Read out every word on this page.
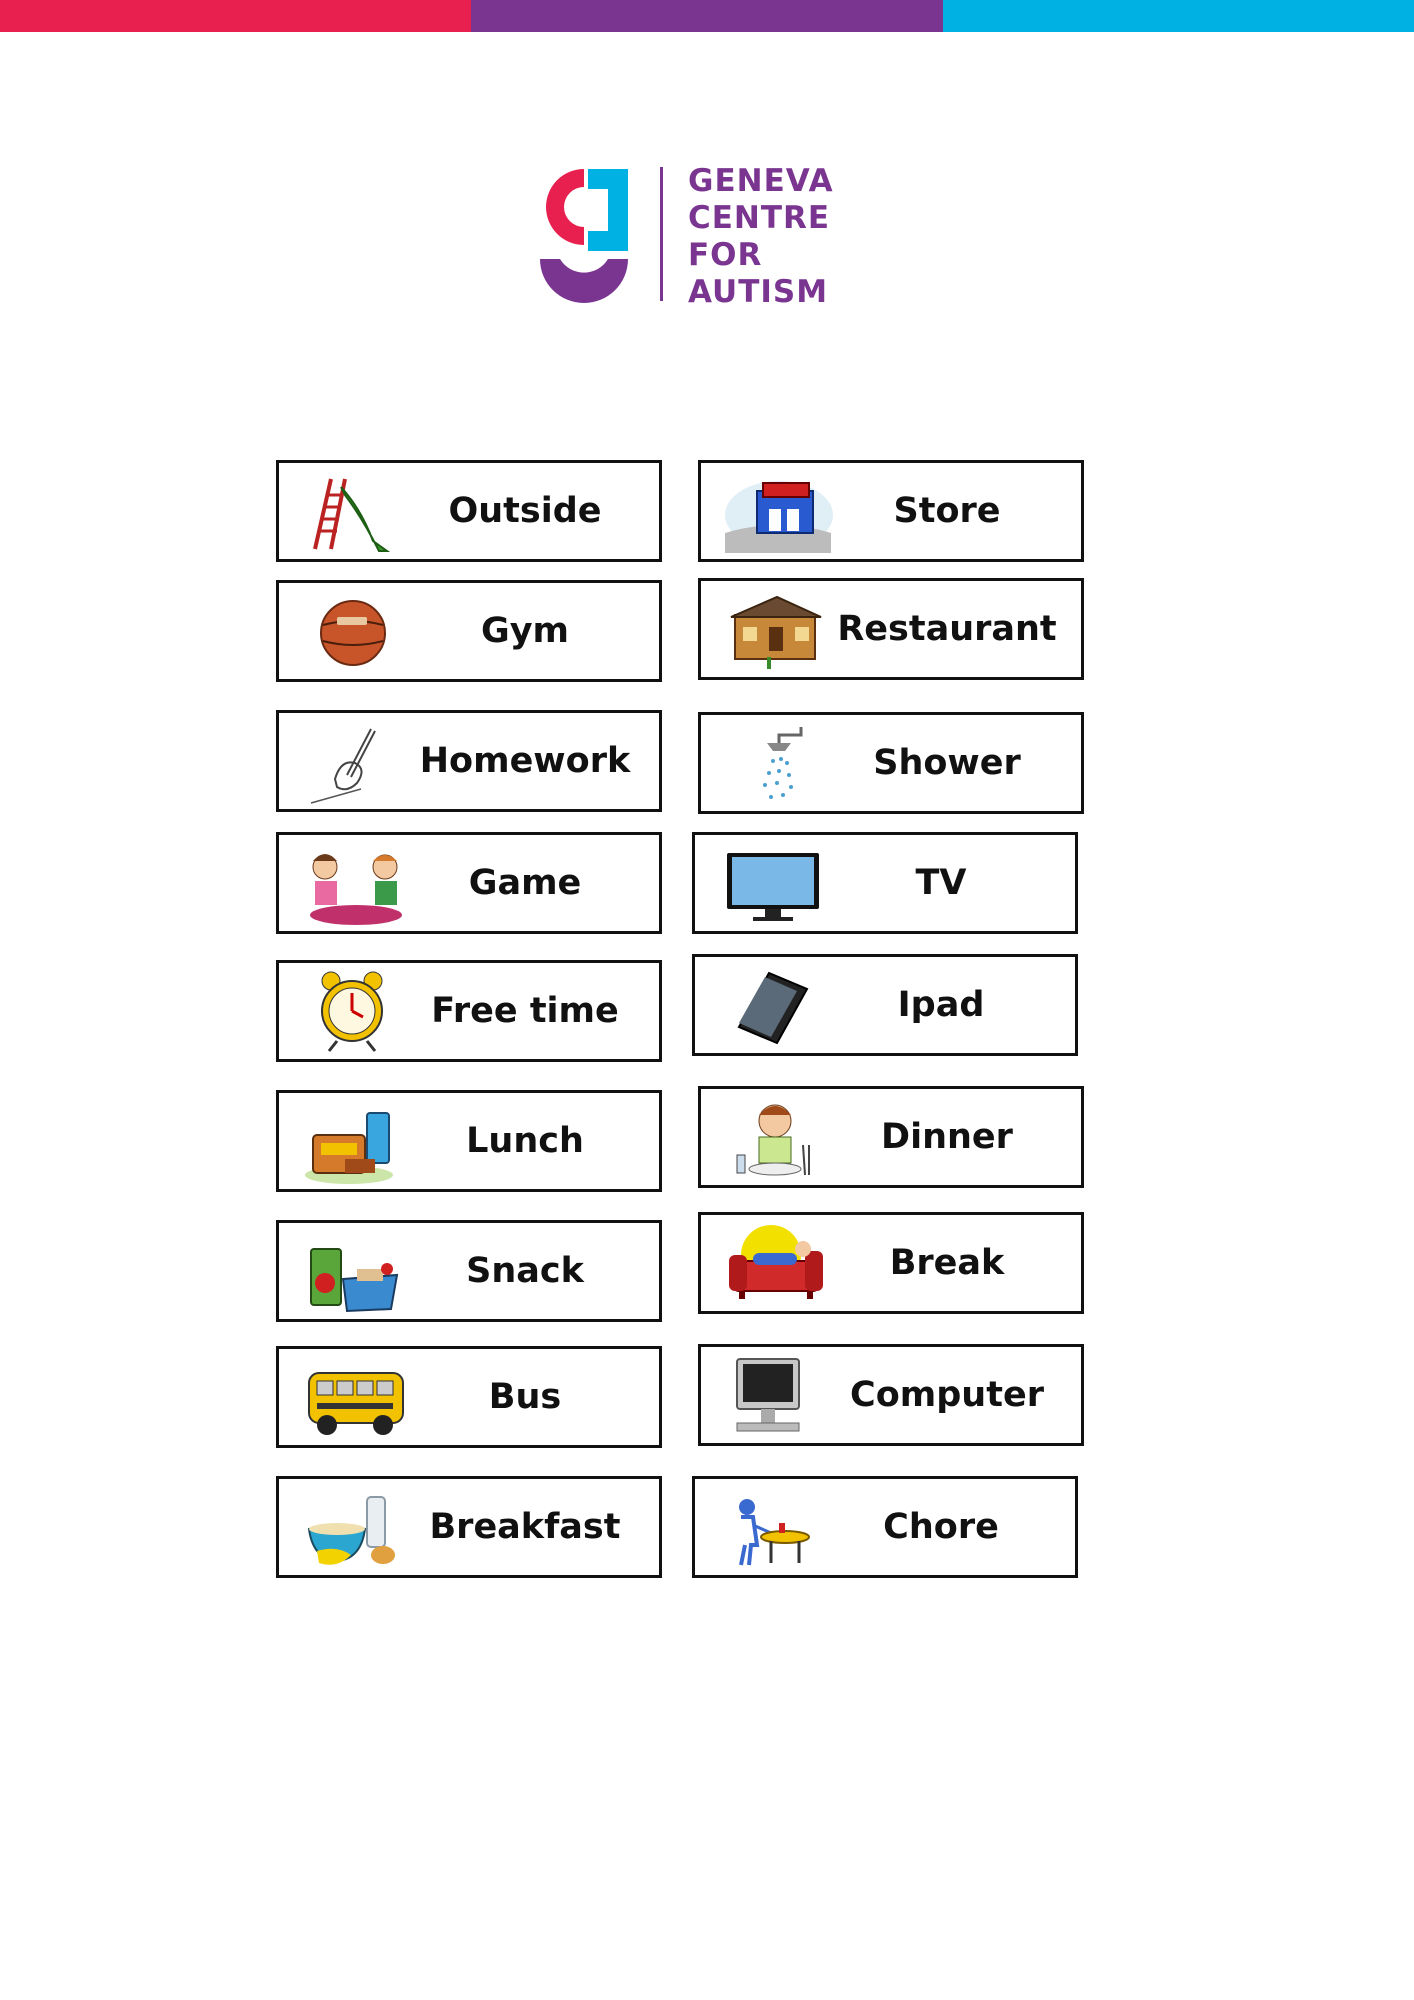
GENEVA
CENTRE
FOR
AUTISM
Outside
Gym
Homework
Game
Free time
Lunch
Snack
Bus
Breakfast
Store
Restaurant
Shower
TV
Ipad
Dinner
Break
Computer
Chore
